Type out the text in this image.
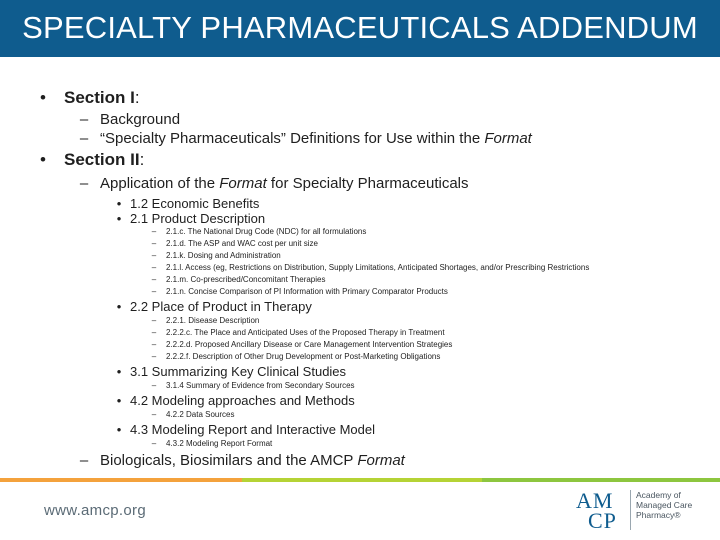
SPECIALTY PHARMACEUTICALS ADDENDUM
• Section I:
– Background
– “Specialty Pharmaceuticals” Definitions for Use within the Format
• Section II:
– Application of the Format for Specialty Pharmaceuticals
• 1.2 Economic Benefits
• 2.1 Product Description
– 2.1.c. The National Drug Code (NDC) for all formulations
– 2.1.d. The ASP and WAC cost per unit size
– 2.1.k. Dosing and Administration
– 2.1.l. Access (eg, Restrictions on Distribution, Supply Limitations, Anticipated Shortages, and/or Prescribing Restrictions
– 2.1.m. Co-prescribed/Concomitant Therapies
– 2.1.n. Concise Comparison of PI Information with Primary Comparator Products
• 2.2 Place of Product in Therapy
– 2.2.1. Disease Description
– 2.2.2.c. The Place and Anticipated Uses of the Proposed Therapy in Treatment
– 2.2.2.d. Proposed Ancillary Disease or Care Management Intervention Strategies
– 2.2.2.f. Description of Other Drug Development or Post-Marketing Obligations
• 3.1 Summarizing Key Clinical Studies
– 3.1.4 Summary of Evidence from Secondary Sources
• 4.2 Modeling approaches and Methods
– 4.2.2 Data Sources
• 4.3 Modeling Report and Interactive Model
– 4.3.2 Modeling Report Format
– Biologicals, Biosimilars and the AMCP Format
www.amcp.org	AM
CP
Academy of
Managed Care
Pharmacy®
